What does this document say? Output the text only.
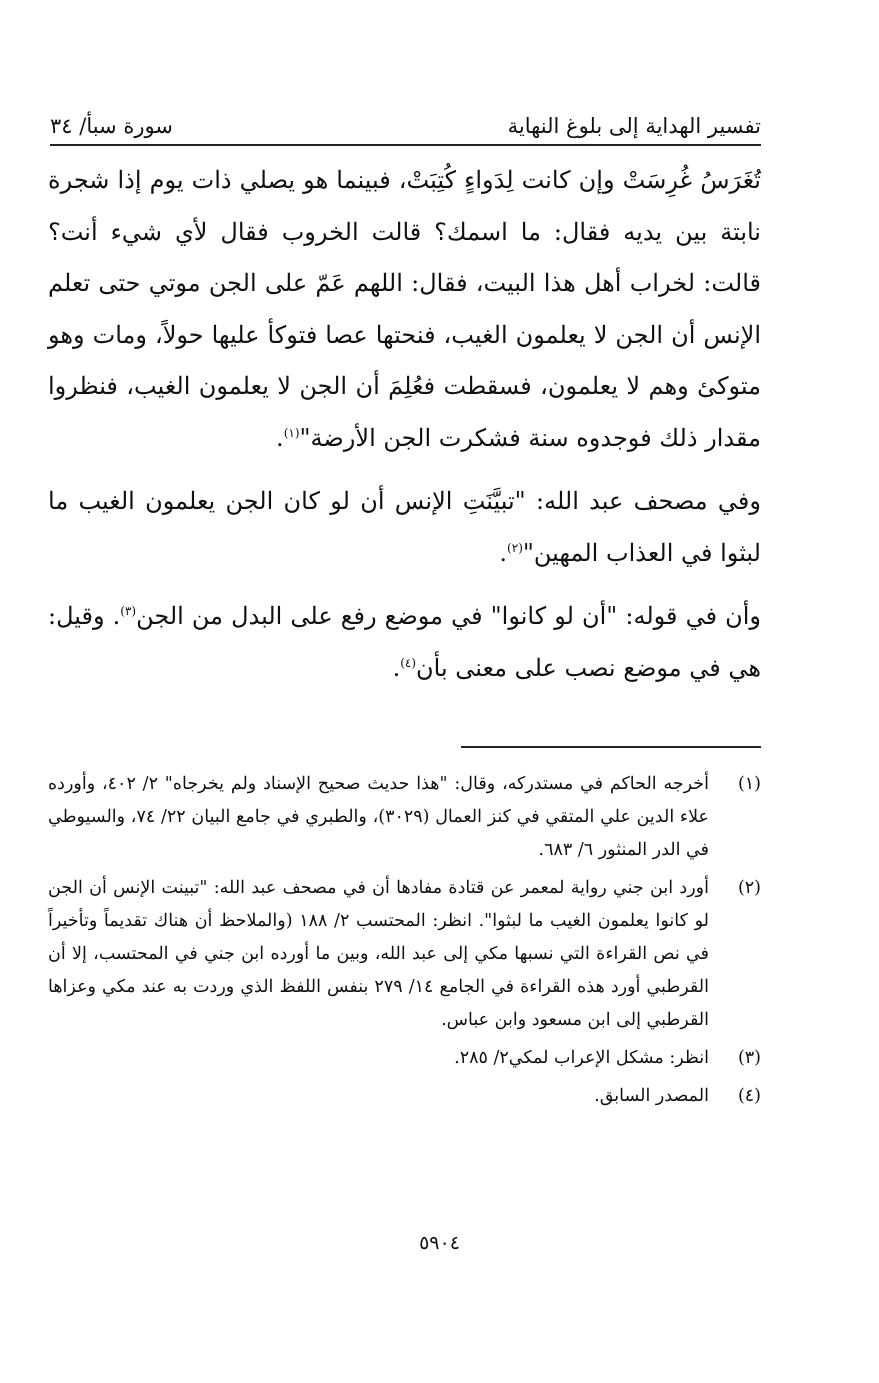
تفسير الهداية إلى بلوغ النهاية
سورة سبأ/ ٣٤

تُغَرَسُ غُرِسَتْ وإن كانت لِدَواءٍ كُتِبَتْ، فبينما هو يصلي ذات يوم إذا شجرة نابتة بين يديه فقال: ما اسمك؟ قالت الخروب فقال لأي شيء أنت؟ قالت: لخراب أهل هذا البيت، فقال: اللهم عَمّ على الجن موتي حتى تعلم الإنس أن الجن لا يعلمون الغيب، فنحتها عصا فتوكأ عليها حولاً، ومات وهو متوكئ وهم لا يعلمون، فسقطت فعُلِمَ أن الجن لا يعلمون الغيب، فنظروا مقدار ذلك فوجدوه سنة فشكرت الجن الأرضة"$^{(١)}$.

وفي مصحف عبد الله: "تبيَّنَتِ الإنس أن لو كان الجن يعلمون الغيب ما لبثوا في العذاب المهين"$^{(٢)}$.

وأن في قوله: "أن لو كانوا" في موضع رفع على البدل من الجن$^{(٣)}$. وقيل: هي في موضع نصب على معنى بأن$^{(٤)}$.

(١)
أخرجه الحاكم في مستدركه، وقال: "هذا حديث صحيح الإسناد ولم يخرجاه" ٢/ ٤٠٢، وأورده علاء الدين علي المتقي في كنز العمال (٣٠٢٩)، والطبري في جامع البيان ٢٢/ ٧٤، والسيوطي في الدر المنثور ٦/ ٦٨٣.
(٢)
أورد ابن جني رواية لمعمر عن قتادة مفادها أن في مصحف عبد الله: "تبينت الإنس أن الجن لو كانوا يعلمون الغيب ما لبثوا". انظر: المحتسب ٢/ ١٨٨ (والملاحظ أن هناك تقديماً وتأخيراً في نص القراءة التي نسبها مكي إلى عبد الله، وبين ما أورده ابن جني في المحتسب، إلا أن القرطبي أورد هذه القراءة في الجامع ١٤/ ٢٧٩ بنفس اللفظ الذي وردت به عند مكي وعزاها القرطبي إلى ابن مسعود وابن عباس.
(٣)
انظر: مشكل الإعراب لمكي٢/ ٢٨٥.
(٤)
المصدر السابق.
٥٩٠٤
